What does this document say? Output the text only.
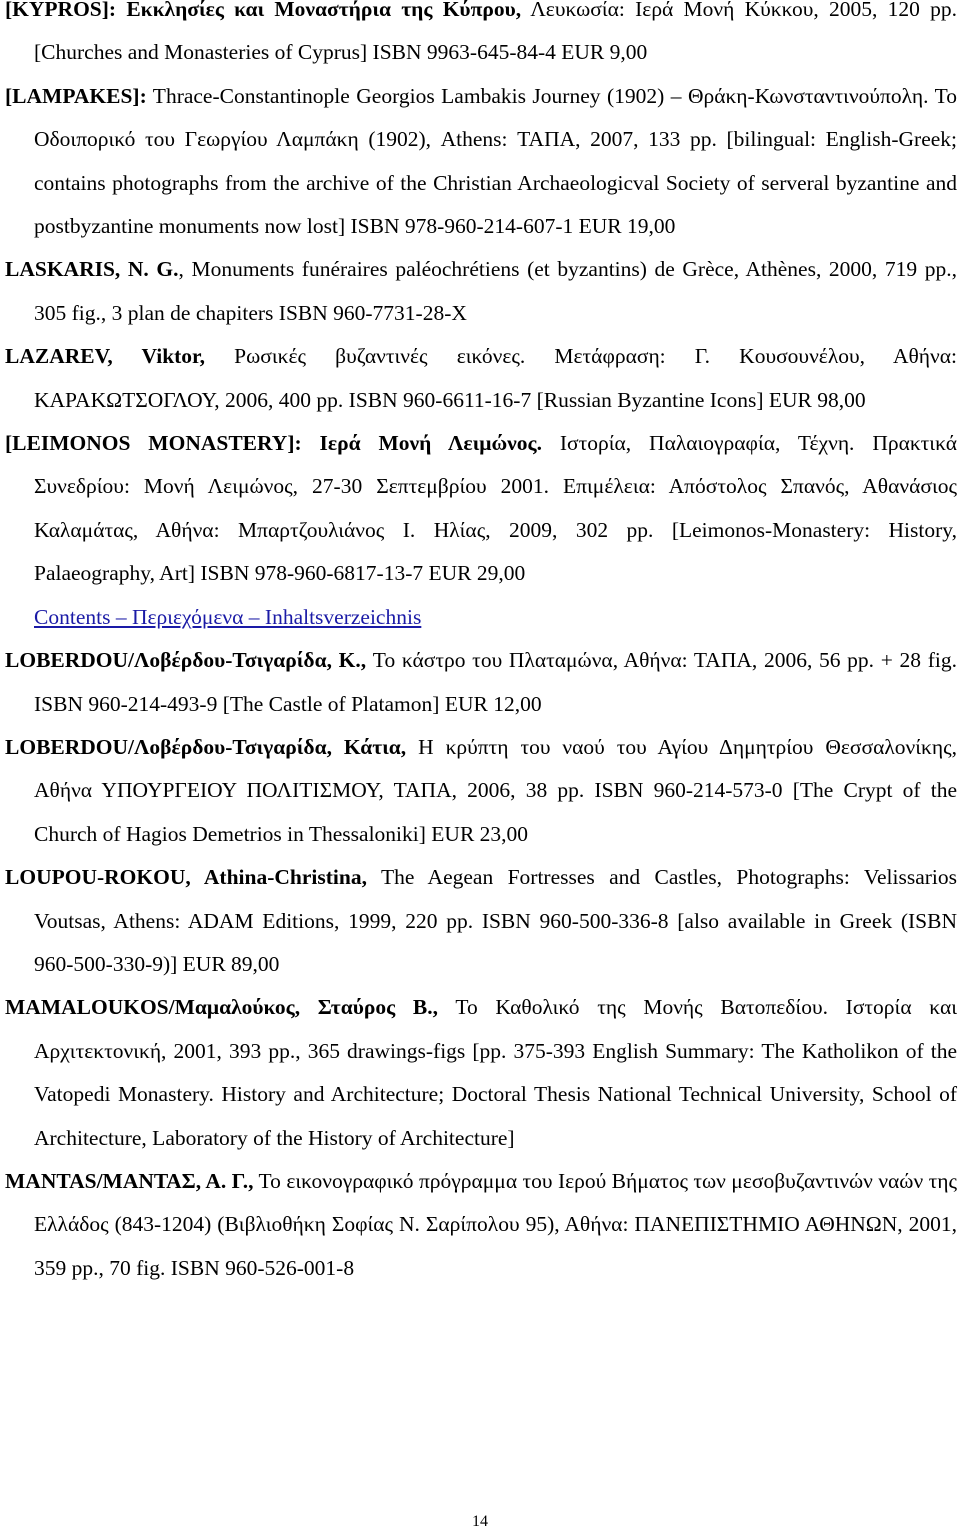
[KYPROS]: Εκκλησίες και Μοναστήρια της Κύπρου, Λευκωσία: Ιερά Μονή Κύκκου, 2005, 120 pp. [Churches and Monasteries of Cyprus] ISBN 9963-645-84-4 EUR 9,00

[LAMPAKES]: Thrace-Constantinople Georgios Lambakis Journey (1902) – Θράκη-Κωνσταντινούπολη. Το Οδοιπορικό του Γεωργίου Λαμπάκη (1902), Athens: ΤΑΠΑ, 2007, 133 pp. [bilingual: English-Greek; contains photographs from the archive of the Christian Archaeologicval Society of serveral byzantine and postbyzantine monuments now lost] ISBN 978-960-214-607-1 EUR 19,00

LASKARIS, N. G., Monuments funéraires paléochrétiens (et byzantins) de Grèce, Athènes, 2000, 719 pp., 305 fig., 3 plan de chapiters ISBN 960-7731-28-X

LAZAREV, Viktor, Ρωσικές βυζαντινές εικόνες. Μετάφραση: Γ. Κουσουνέλου, Αθήνα: ΚΑΡΑΚΩΤΣΟΓΛΟΥ, 2006, 400 pp. ISBN 960-6611-16-7 [Russian Byzantine Icons] EUR 98,00

[LEIMONOS MONASTERY]: Ιερά Μονή Λειμώνος. Ιστορία, Παλαιογραφία, Τέχνη. Πρακτικά Συνεδρίου: Μονή Λειμώνος, 27-30 Σεπτεμβρίου 2001. Επιμέλεια: Απόστολος Σπανός, Αθανάσιος Καλαμάτας, Αθήνα: Μπαρτζουλιάνος Ι. Ηλίας, 2009, 302 pp. [Leimonos-Monastery: History, Palaeography, Art] ISBN 978-960-6817-13-7 EUR 29,00

Contents – Περιεχόμενα – Inhaltsverzeichnis

LOBERDOU/Λοβέρδου-Τσιγαρίδα, K., Το κάστρο του Πλαταμώνα, Αθήνα: ΤΑΠΑ, 2006, 56 pp. + 28 fig. ISBN 960-214-493-9 [The Castle of Platamon] EUR 12,00

LOBERDOU/Λοβέρδου-Τσιγαρίδα, Κάτια, Η κρύπτη του ναού του Αγίου Δημητρίου Θεσσαλονίκης, Αθήνα ΥΠΟΥΡΓΕΙΟΥ ΠΟΛΙΤΙΣΜΟΥ, ΤΑΠΑ, 2006, 38 pp. ISBN 960-214-573-0 [The Crypt of the Church of Hagios Demetrios in Thessaloniki] EUR 23,00

LOUPOU-ROKOU, Athina-Christina, The Aegean Fortresses and Castles, Photographs: Velissarios Voutsas, Athens: ADAM Editions, 1999, 220 pp. ISBN 960-500-336-8 [also available in Greek (ISBN 960-500-330-9)] EUR 89,00

MAMALOUKOS/Μαμαλούκος, Σταύρος Β., Το Καθολικό της Μονής Βατοπεδίου. Ιστορία και Αρχιτεκτονική, 2001, 393 pp., 365 drawings-figs [pp. 375-393 English Summary: The Katholikon of the Vatopedi Monastery. History and Architecture; Doctoral Thesis National Technical University, School of Architecture, Laboratory of the History of Architecture]

MANTAS/ΜΑΝΤΑΣ, Α. Γ., Το εικονογραφικό πρόγραμμα του Ιερού Βήματος των μεσοβυζαντινών ναών της Ελλάδος (843-1204) (Βιβλιοθήκη Σοφίας Ν. Σαρίπολου 95), Αθήνα: ΠΑΝΕΠΙΣΤΗΜΙΟ ΑΘΗΝΩΝ, 2001, 359 pp., 70 fig. ISBN 960-526-001-8

14
